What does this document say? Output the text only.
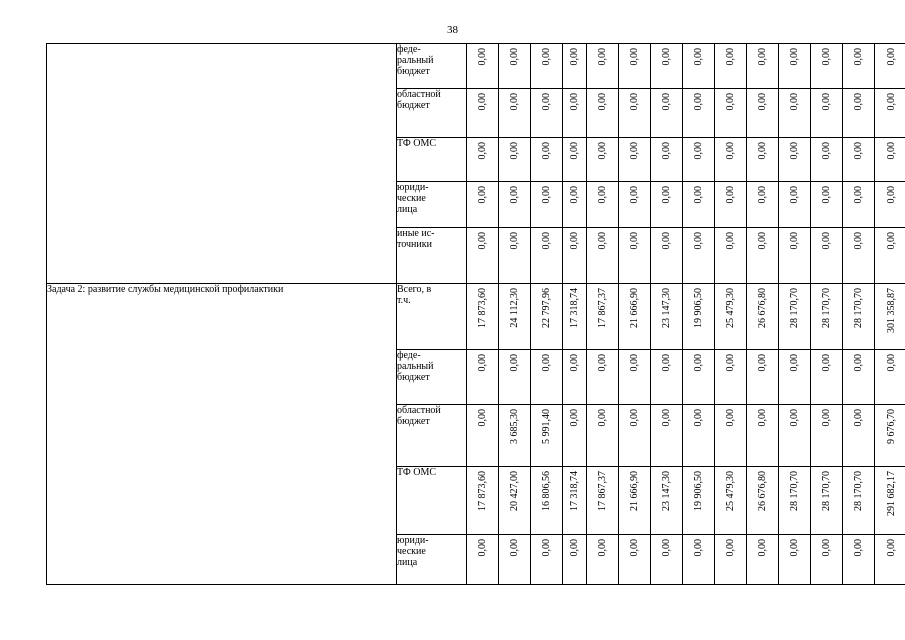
38
	феде-
ральный
бюджет	0,00	0,00	0,00	0,00	0,00	0,00	0,00	0,00	0,00	0,00	0,00	0,00	0,00	0,00
	областной
бюджет	0,00	0,00	0,00	0,00	0,00	0,00	0,00	0,00	0,00	0,00	0,00	0,00	0,00	0,00
	ТФ ОМС	0,00	0,00	0,00	0,00	0,00	0,00	0,00	0,00	0,00	0,00	0,00	0,00	0,00	0,00
	юриди-
ческие
лица	0,00	0,00	0,00	0,00	0,00	0,00	0,00	0,00	0,00	0,00	0,00	0,00	0,00	0,00
	иные ис-
точники	0,00	0,00	0,00	0,00	0,00	0,00	0,00	0,00	0,00	0,00	0,00	0,00	0,00	0,00
Задача 2: развитие службы медицинской профилактики	Всего, в
т.ч.	17 873,60	24 112,30	22 797,96	17 318,74	17 867,37	21 666,90	23 147,30	19 906,50	25 479,30	26 676,80	28 170,70	28 170,70	28 170,70	301 358,87
	феде-
ральный
бюджет	0,00	0,00	0,00	0,00	0,00	0,00	0,00	0,00	0,00	0,00	0,00	0,00	0,00	0,00
	областной
бюджет	0,00	3 685,30	5 991,40	0,00	0,00	0,00	0,00	0,00	0,00	0,00	0,00	0,00	0,00	9 676,70
	ТФ ОМС	17 873,60	20 427,00	16 806,56	17 318,74	17 867,37	21 666,90	23 147,30	19 906,50	25 479,30	26 676,80	28 170,70	28 170,70	28 170,70	291 682,17
	юриди-
ческие
лица	0,00	0,00	0,00	0,00	0,00	0,00	0,00	0,00	0,00	0,00	0,00	0,00	0,00	0,00
